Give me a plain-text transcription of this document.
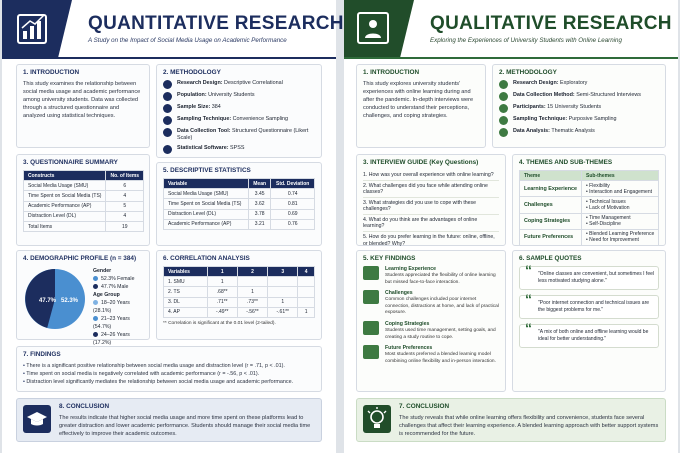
QUANTITATIVE RESEARCH
A Study on the Impact of Social Media Usage on Academic Performance
1. INTRODUCTION
This study examines the relationship between social media usage and academic performance among university students. Data was collected through a structured questionnaire and analyzed using statistical techniques.
2. METHODOLOGY
Research Design: Descriptive Correlational
Population: University Students
Sample Size: 384
Sampling Technique: Convenience Sampling
Data Collection Tool: Structured Questionnaire (Likert Scale)
Statistical Software: SPSS
3. QUESTIONNAIRE SUMMARY
Constructs	No. of Items
Social Media Usage (SMU)	6
Time Spent on Social Media (TS)	4
Academic Performance (AP)	5
Distraction Level (DL)	4
Total Items	19
5. DESCRIPTIVE STATISTICS
Variable	Mean	Std. Deviation
Social Media Usage (SMU)	3.45	0.74
Time Spent on Social Media (TS)	3.62	0.81
Distraction Level (DL)	3.78	0.69
Academic Performance (AP)	3.21	0.76
4. DEMOGRAPHIC PROFILE (n = 384)
47.7% 52.3%
Gender
52.3% Female
47.7% Male
Age Group
18–20 Years (28.1%)
21–23 Years (54.7%)
24–26 Years (17.2%)
6. CORRELATION ANALYSIS
Variables	1	2	3	4
1. SMU	1			
2. TS	.68**	1		
3. DL	.71**	.73**	1	
4. AP	-.49**	-.56**	-.61**	1
** Correlation is significant at the 0.01 level (2-tailed).
7. FINDINGS
• There is a significant positive relationship between social media usage and distraction level (r = .71, p < .01).
• Time spent on social media is negatively correlated with academic performance (r = -.56, p < .01).
• Distraction level significantly mediates the relationship between social media usage and academic performance.
8. CONCLUSION
The results indicate that higher social media usage and more time spent on these platforms lead to greater distraction and lower academic performance. Students should manage their social media time effectively to improve their academic outcomes.
QUALITATIVE RESEARCH
Exploring the Experiences of University Students with Online Learning
1. INTRODUCTION
This study explores university students' experiences with online learning during and after the pandemic. In-depth interviews were conducted to understand their perceptions, challenges, and coping strategies.
2. METHODOLOGY
Research Design: Exploratory
Data Collection Method: Semi-Structured Interviews
Participants: 15 University Students
Sampling Technique: Purposive Sampling
Data Analysis: Thematic Analysis
3. INTERVIEW GUIDE (Key Questions)
1. How was your overall experience with online learning?
2. What challenges did you face while attending online classes?
3. What strategies did you use to cope with these challenges?
4. What do you think are the advantages of online learning?
5. How do you prefer learning in the future: online, offline, or blended? Why?
4. THEMES AND SUB-THEMES
Theme	Sub-themes
Learning Experience	• Flexibility
• Interaction and Engagement
Challenges	• Technical Issues
• Lack of Motivation
Coping Strategies	• Time Management
• Self-Discipline
Future Preferences	• Blended Learning Preference
• Need for Improvement
5. KEY FINDINGS
Learning Experience
Students appreciated the flexibility of online learning but missed face-to-face interaction.
Challenges
Common challenges included poor internet connection, distractions at home, and lack of practical exposure.
Coping Strategies
Students used time management, setting goals, and creating a study routine to cope.
Future Preferences
Most students preferred a blended learning model combining online flexibility and in-person interaction.
6. SAMPLE QUOTES
“ "Online classes are convenient, but sometimes I feel less motivated studying alone."
“ "Poor internet connection and technical issues are the biggest problems for me."
“ "A mix of both online and offline learning would be ideal for better understanding."
7. CONCLUSION
The study reveals that while online learning offers flexibility and convenience, students face several challenges that affect their learning experience. A blended learning approach with better support systems is recommended for the future.
